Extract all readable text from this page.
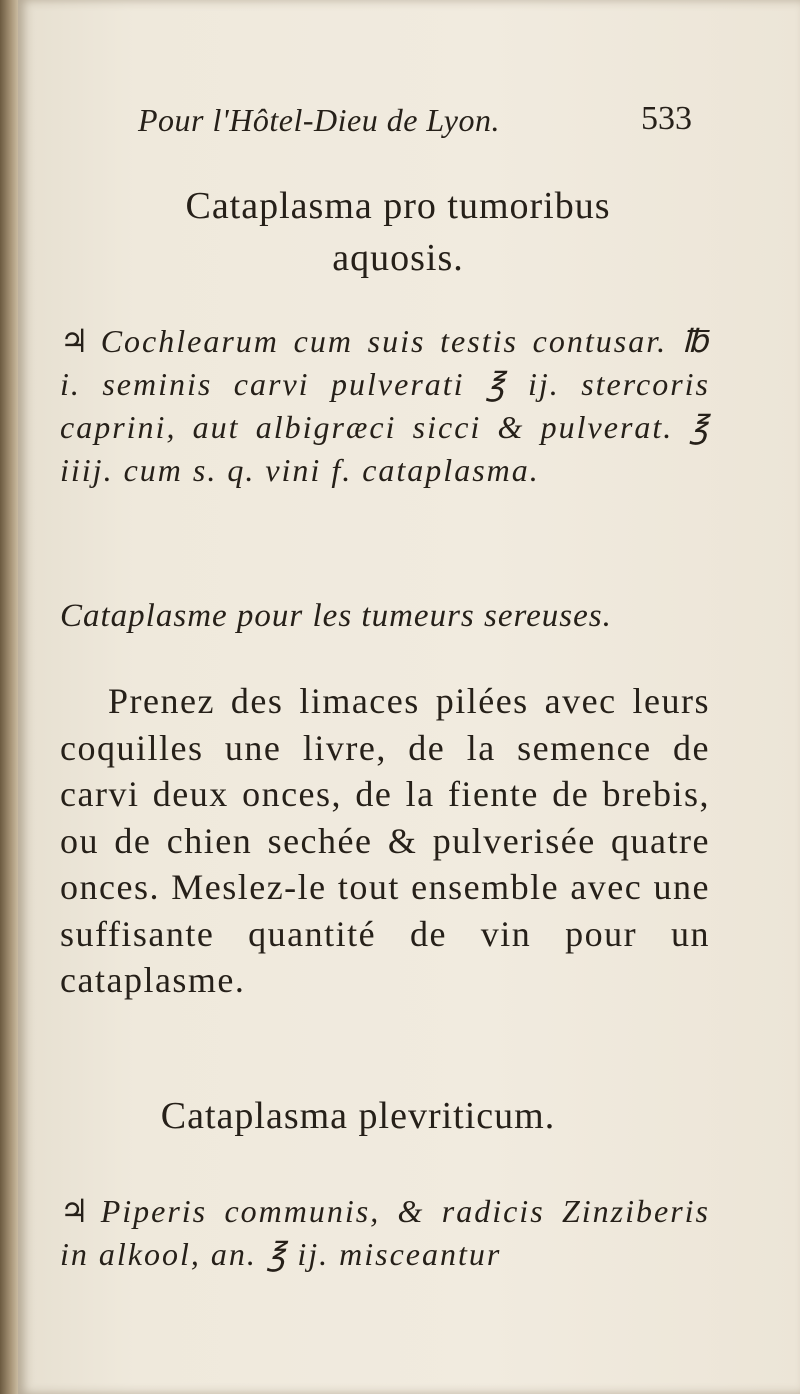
Pour l'Hôtel-Dieu de Lyon.	533
Cataplasma pro tumoribus aquosis.
♃ Cochlearum cum suis testis contusar. ℔ i. seminis carvi pulverati ℥ ij. stercoris caprini, aut albigræci sicci & pulverat. ℥ iiij. cum s. q. vini f. cataplasma.
Cataplasme pour les tumeurs sereuses.
Prenez des limaces pilées avec leurs coquilles une livre, de la semence de carvi deux onces, de la fiente de brebis, ou de chien sechée & pulverisée quatre onces. Meslez-le tout ensemble avec une suffisante quantité de vin pour un cataplasme.
Cataplasma plevriticum.
♃ Piperis communis, & radicis Zinziberis in alkool, an. ℥ ij. misceantur
